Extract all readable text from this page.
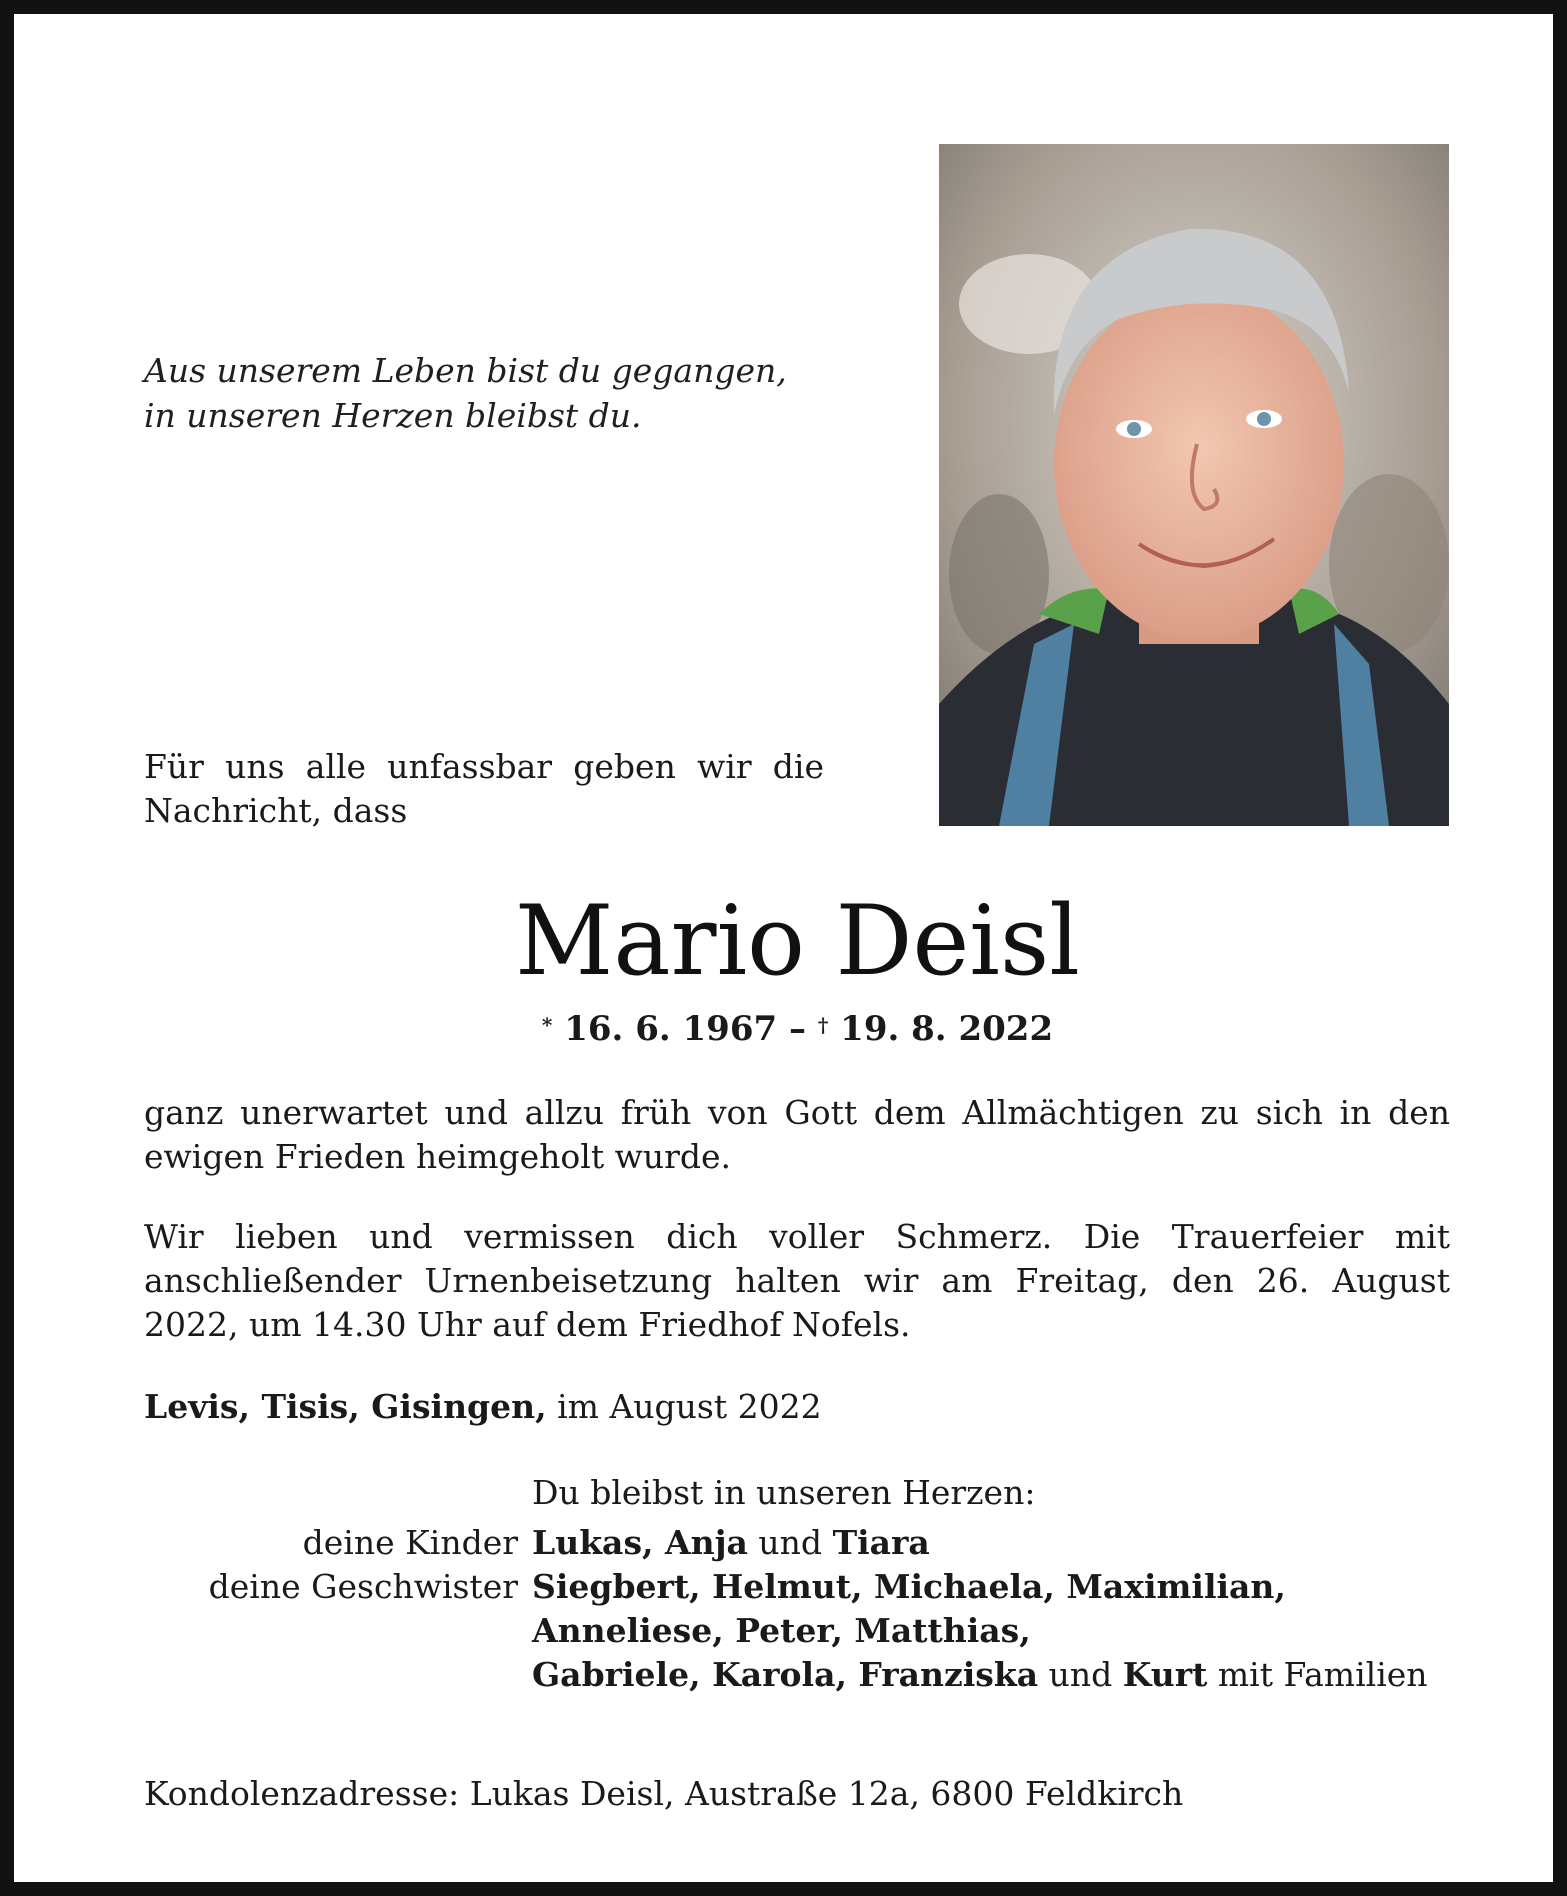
Aus unserem Leben bist du gegangen,
in unseren Herzen bleibst du.
Für uns alle unfassbar geben wir die Nachricht, dass
Mario Deisl
* 16. 6. 1967 – † 19. 8. 2022
ganz unerwartet und allzu früh von Gott dem Allmächtigen zu sich in den ewigen Frieden heimgeholt wurde.
Wir lieben und vermissen dich voller Schmerz. Die Trauerfeier mit anschließender Urnenbeisetzung halten wir am Freitag, den 26. August 2022, um 14.30 Uhr auf dem Friedhof Nofels.
Levis, Tisis, Gisingen, im August 2022
Du bleibst in unseren Herzen:
deine Kinder Lukas, Anja und Tiara
deine Geschwister Siegbert, Helmut, Michaela, Maximilian,
Anneliese, Peter, Matthias,
Gabriele, Karola, Franziska und Kurt mit Familien
Kondolenzadresse: Lukas Deisl, Austraße 12a, 6800 Feldkirch
